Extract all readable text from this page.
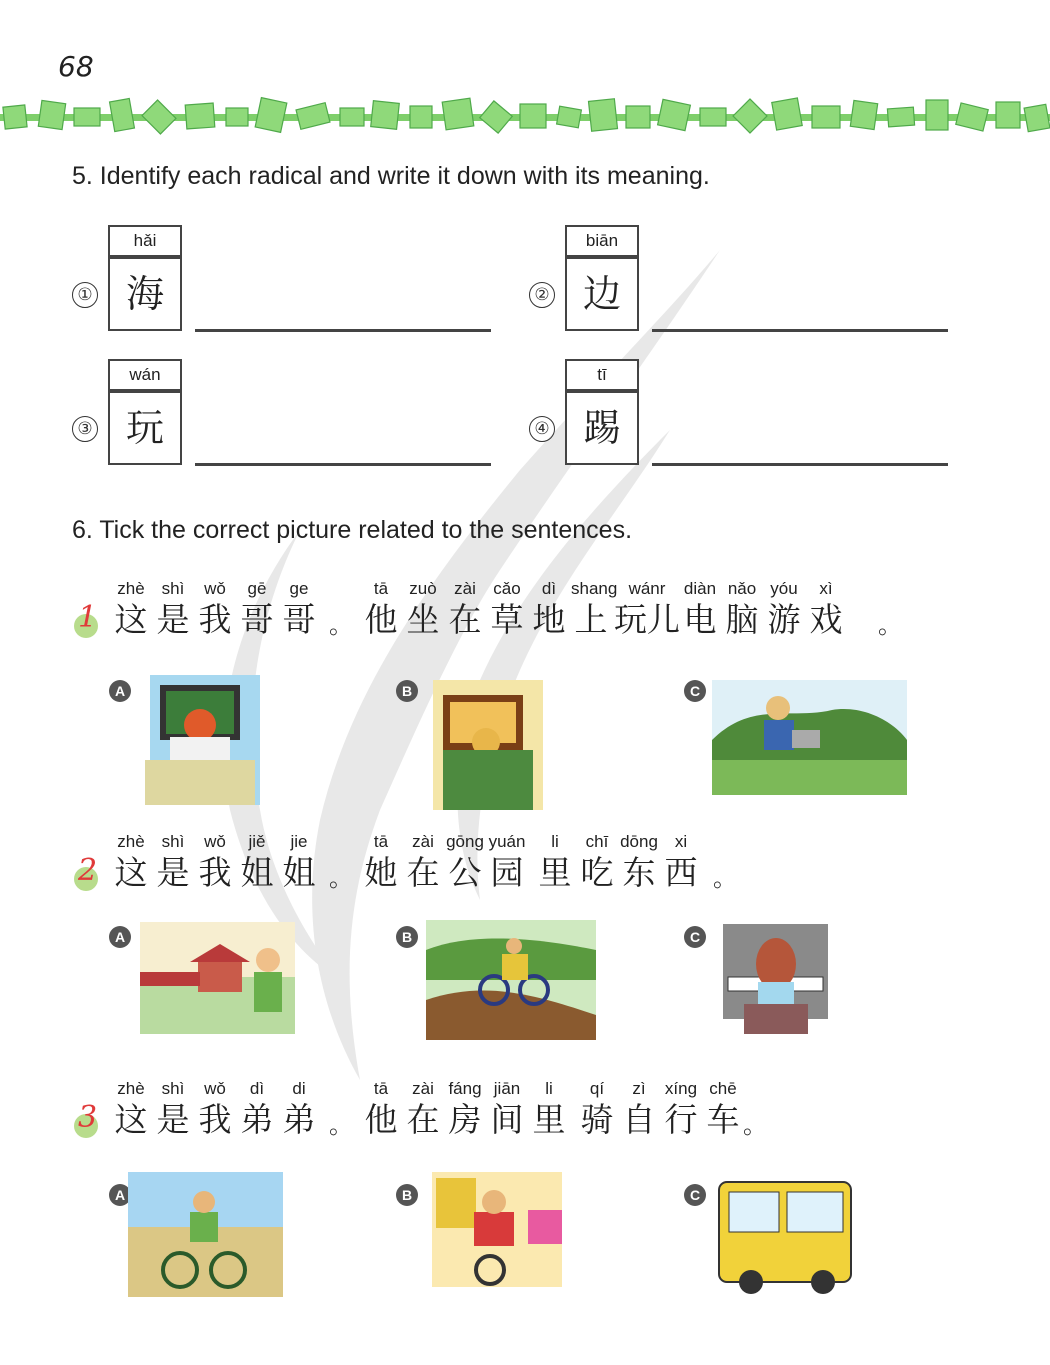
68
5. Identify each radical and write it down with its meaning.
①
hǎi
海	②
biān
边
③
wán
玩	④
tī
踢
6. Tick the correct picture related to the sentences.
1
zhè
这
shì
是
wǒ
我
gē
哥
ge
哥 。
tā
他
zuò
坐
zài
在
cǎo
草
dì
地
shang
上
wánr
玩儿
diàn
电
nǎo
脑
yóu
游
xì
戏	。
A	B	C
2
zhè
这
shì
是
wǒ
我
jiě
姐
jie
姐 。
tā
她
zài
在
gōng
公
yuán
园
li
里
chī
吃
dōng
东
xi
西 。
A	B	C
3
zhè
这
shì
是
wǒ
我
dì
弟
di
弟 。
tā
他
zài
在
fáng
房
jiān
间
li
里
qí
骑
zì
自
xíng
行
chē
车 。
A	B	C
